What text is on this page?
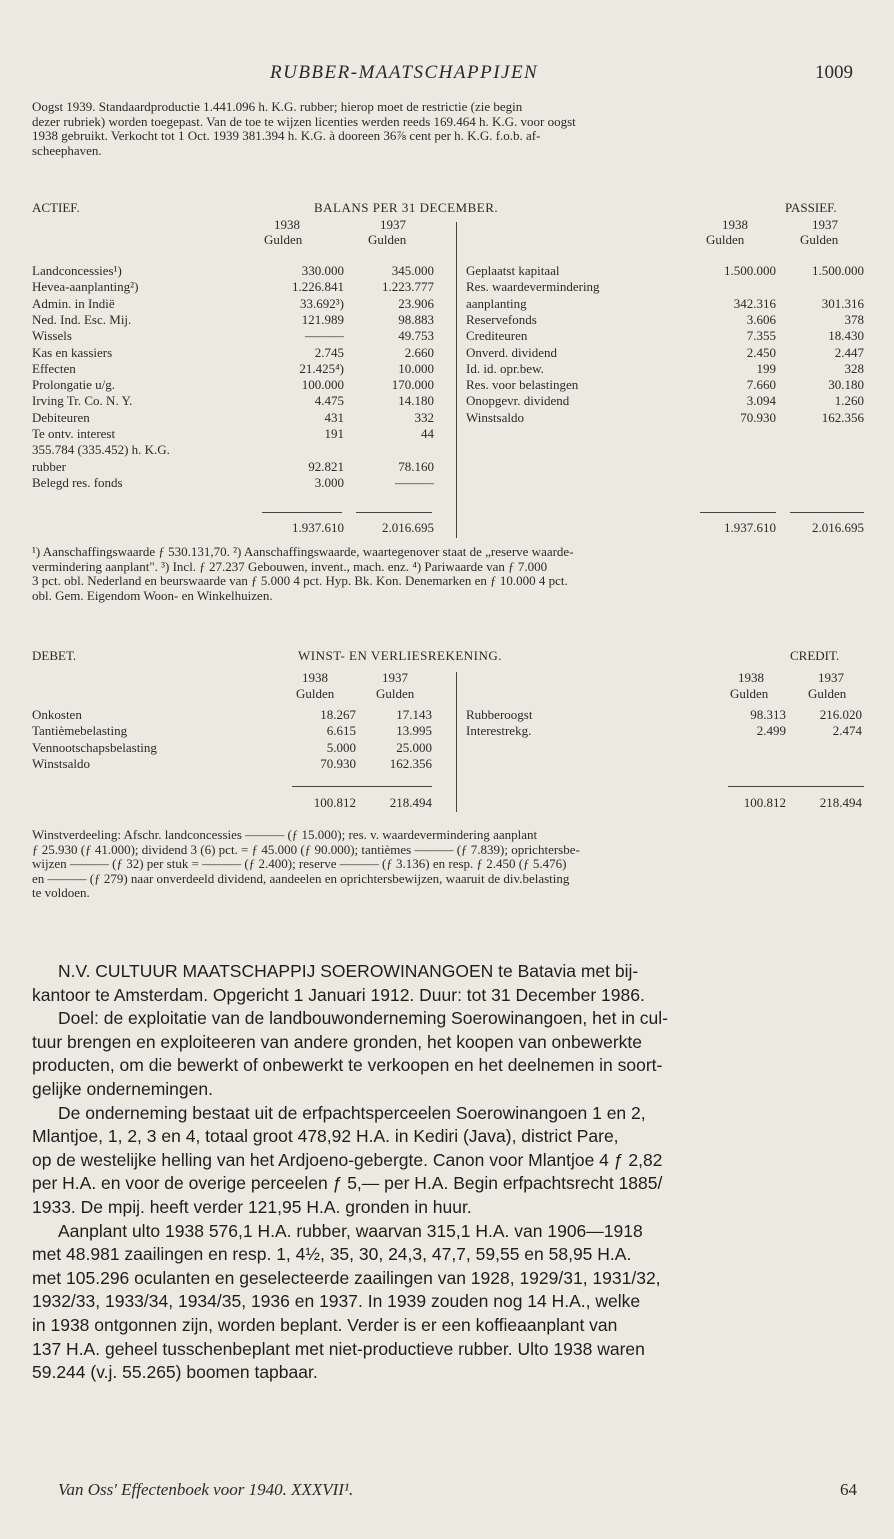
RUBBER-MAATSCHAPPIJEN	1009
Oogst 1939. Standaardproductie 1.441.096 h. K.G. rubber; hierop moet de restrictie (zie begin
dezer rubriek) worden toegepast. Van de toe te wijzen licenties werden reeds 169.464 h. K.G. voor oogst
1938 gebruikt. Verkocht tot 1 Oct. 1939 381.394 h. K.G. à dooreen 36⅞ cent per h. K.G. f.o.b. af-
scheephaven.
ACTIEF.	BALANS PER 31 DECEMBER.	PASSIEF.
1938	1937
Gulden	Gulden
1938	1937
Gulden	Gulden
Landconcessies¹)	330.000	345.000
Hevea-aanplanting²)	1.226.841	1.223.777
Admin. in Indië	33.692³)	23.906
Ned. Ind. Esc. Mij.	121.989	98.883
Wissels	———	49.753
Kas en kassiers	2.745	2.660
Effecten	21.425⁴)	10.000
Prolongatie u/g.	100.000	170.000
Irving Tr. Co. N. Y.	4.475	14.180
Debiteuren	431	332
Te ontv. interest	191	44
355.784 (335.452) h. K.G.
rubber	92.821	78.160
Belegd res. fonds	3.000	———
Geplaatst kapitaal	1.500.000	1.500.000
Res. waardevermindering
aanplanting	342.316	301.316
Reservefonds	3.606	378
Crediteuren	7.355	18.430
Onverd. dividend	2.450	2.447
Id. id. opr.bew.	199	328
Res. voor belastingen	7.660	30.180
Onopgevr. dividend	3.094	1.260
Winstsaldo	70.930	162.356
1.937.610	2.016.695	1.937.610	2.016.695
¹) Aanschaffingswaarde ƒ 530.131,70. ²) Aanschaffingswaarde, waartegenover staat de „reserve waarde-
vermindering aanplant". ³) Incl. ƒ 27.237 Gebouwen, invent., mach. enz. ⁴) Pariwaarde van ƒ 7.000
3 pct. obl. Nederland en beurswaarde van ƒ 5.000 4 pct. Hyp. Bk. Kon. Denemarken en ƒ 10.000 4 pct.
obl. Gem. Eigendom Woon- en Winkelhuizen.
DEBET.	WINST- EN VERLIESREKENING.	CREDIT.
1938	1937
Gulden	Gulden
1938	1937
Gulden	Gulden
Onkosten	18.267	17.143
Tantièmebelasting	6.615	13.995
Vennootschapsbelasting	5.000	25.000
Winstsaldo	70.930	162.356
Rubberoogst	98.313	216.020
Interestrekg.	2.499	2.474
100.812	218.494	100.812	218.494
Winstverdeeling: Afschr. landconcessies ——— (ƒ 15.000); res. v. waardevermindering aanplant
ƒ 25.930 (ƒ 41.000); dividend 3 (6) pct. = ƒ 45.000 (ƒ 90.000); tantièmes ——— (ƒ 7.839); oprichtersbe-
wijzen ——— (ƒ 32) per stuk = ——— (ƒ 2.400); reserve ——— (ƒ 3.136) en resp. ƒ 2.450 (ƒ 5.476)
en ——— (ƒ 279) naar onverdeeld dividend, aandeelen en oprichtersbewijzen, waaruit de div.belasting
te voldoen.
N.V. CULTUUR MAATSCHAPPIJ SOEROWINANGOEN te Batavia met bij-
kantoor te Amsterdam. Opgericht 1 Januari 1912. Duur: tot 31 December 1986.
Doel: de exploitatie van de landbouwonderneming Soerowinangoen, het in cul-
tuur brengen en exploiteeren van andere gronden, het koopen van onbewerkte
producten, om die bewerkt of onbewerkt te verkoopen en het deelnemen in soort-
gelijke ondernemingen.
De onderneming bestaat uit de erfpachtsperceelen Soerowinangoen 1 en 2,
Mlantjoe, 1, 2, 3 en 4, totaal groot 478,92 H.A. in Kediri (Java), district Pare,
op de westelijke helling van het Ardjoeno-gebergte. Canon voor Mlantjoe 4 ƒ 2,82
per H.A. en voor de overige perceelen ƒ 5,— per H.A. Begin erfpachtsrecht 1885/
1933. De mpij. heeft verder 121,95 H.A. gronden in huur.
Aanplant ulto 1938 576,1 H.A. rubber, waarvan 315,1 H.A. van 1906—1918
met 48.981 zaailingen en resp. 1, 4½, 35, 30, 24,3, 47,7, 59,55 en 58,95 H.A.
met 105.296 oculanten en geselecteerde zaailingen van 1928, 1929/31, 1931/32,
1932/33, 1933/34, 1934/35, 1936 en 1937. In 1939 zouden nog 14 H.A., welke
in 1938 ontgonnen zijn, worden beplant. Verder is er een koffieaanplant van
137 H.A. geheel tusschenbeplant met niet-productieve rubber. Ulto 1938 waren
59.244 (v.j. 55.265) boomen tapbaar.
Van Oss' Effectenboek voor 1940. XXXVII¹.	64
